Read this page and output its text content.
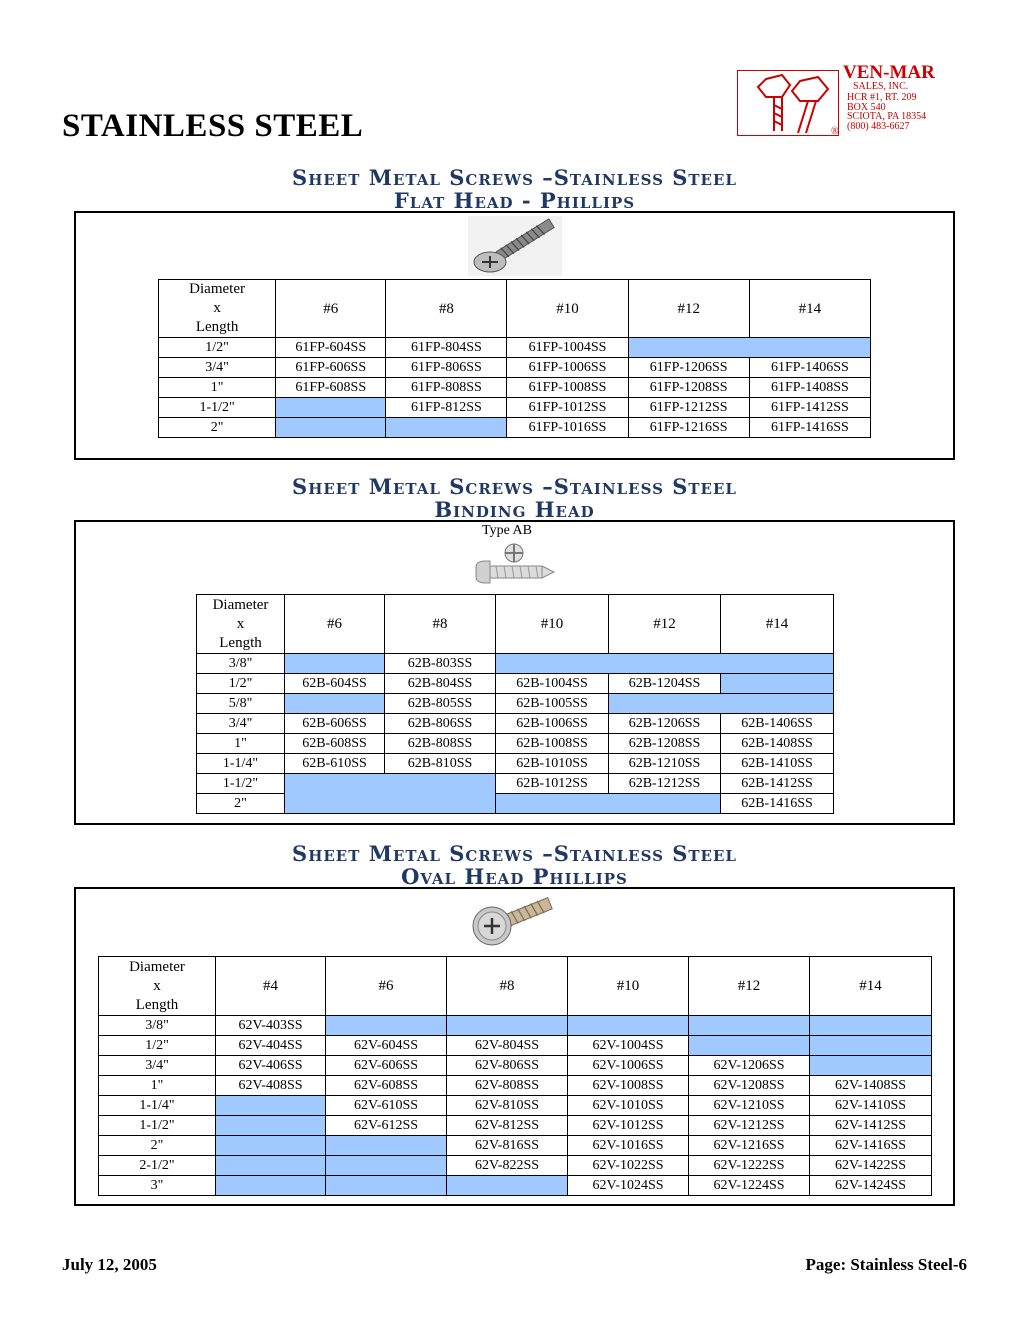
STAINLESS STEEL
VEN-MAR
SALES, INC.
HCR #1, RT. 209
BOX 540
SCIOTA, PA 18354
(800) 483-6627
®
Sheet Metal Screws –Stainless Steel
Flat Head - Phillips
Diameter
x
Length	#6	#8	#10	#12	#14
1/2"	61FP-604SS	61FP-804SS	61FP-1004SS		
3/4"	61FP-606SS	61FP-806SS	61FP-1006SS	61FP-1206SS	61FP-1406SS
1"	61FP-608SS	61FP-808SS	61FP-1008SS	61FP-1208SS	61FP-1408SS
1-1/2"		61FP-812SS	61FP-1012SS	61FP-1212SS	61FP-1412SS
2"			61FP-1016SS	61FP-1216SS	61FP-1416SS
Sheet Metal Screws –Stainless Steel
Binding Head
Type AB
Diameter
x
Length	#6	#8	#10	#12	#14
3/8"		62B-803SS			
1/2"	62B-604SS	62B-804SS	62B-1004SS	62B-1204SS	
5/8"		62B-805SS	62B-1005SS		
3/4"	62B-606SS	62B-806SS	62B-1006SS	62B-1206SS	62B-1406SS
1"	62B-608SS	62B-808SS	62B-1008SS	62B-1208SS	62B-1408SS
1-1/4"	62B-610SS	62B-810SS	62B-1010SS	62B-1210SS	62B-1410SS
1-1/2"			62B-1012SS	62B-1212SS	62B-1412SS
2"					62B-1416SS
Sheet Metal Screws –Stainless Steel
Oval Head Phillips
Diameter
x
Length	#4	#6	#8	#10	#12	#14
3/8"	62V-403SS					
1/2"	62V-404SS	62V-604SS	62V-804SS	62V-1004SS		
3/4"	62V-406SS	62V-606SS	62V-806SS	62V-1006SS	62V-1206SS	
1"	62V-408SS	62V-608SS	62V-808SS	62V-1008SS	62V-1208SS	62V-1408SS
1-1/4"		62V-610SS	62V-810SS	62V-1010SS	62V-1210SS	62V-1410SS
1-1/2"		62V-612SS	62V-812SS	62V-1012SS	62V-1212SS	62V-1412SS
2"			62V-816SS	62V-1016SS	62V-1216SS	62V-1416SS
2-1/2"			62V-822SS	62V-1022SS	62V-1222SS	62V-1422SS
3"				62V-1024SS	62V-1224SS	62V-1424SS
July 12, 2005	Page: Stainless Steel-6
